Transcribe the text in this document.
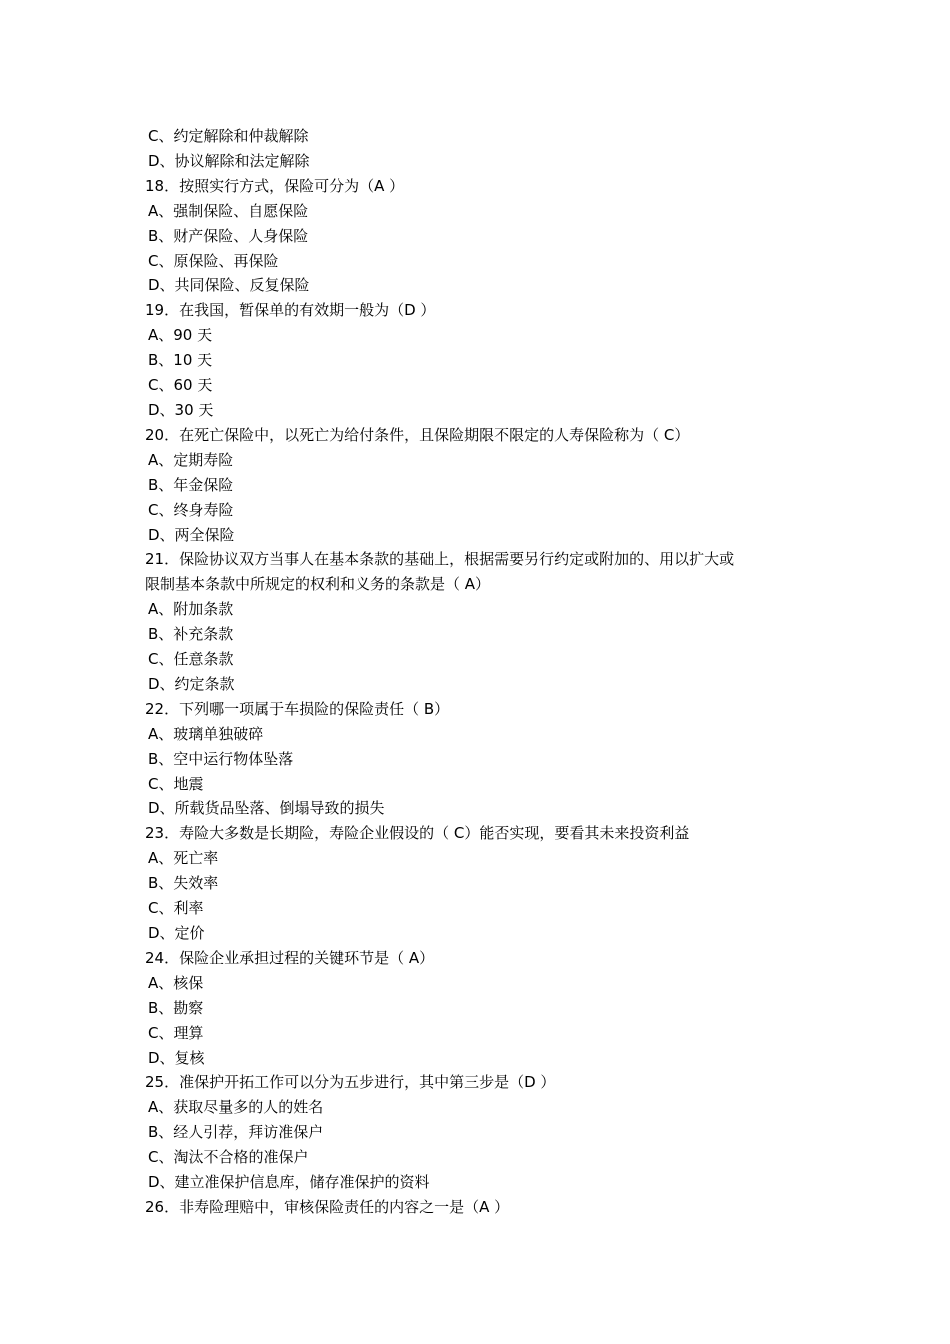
C、约定解除和仲裁解除
D、协议解除和法定解除
18．按照实行方式，保险可分为（A ）
A、强制保险、自愿保险
B、财产保险、人身保险
C、原保险、再保险
D、共同保险、反复保险
19．在我国，暂保单的有效期一般为（D ）
A、90 天
B、10 天
C、60 天
D、30 天
20．在死亡保险中，以死亡为给付条件，且保险期限不限定的人寿保险称为（ C）
A、定期寿险
B、年金保险
C、终身寿险
D、两全保险
21．保险协议双方当事人在基本条款的基础上，根据需要另行约定或附加的、用以扩大或
限制基本条款中所规定的权利和义务的条款是（ A）
A、附加条款
B、补充条款
C、任意条款
D、约定条款
22．下列哪一项属于车损险的保险责任（ B）
A、玻璃单独破碎
B、空中运行物体坠落
C、地震
D、所载货品坠落、倒塌导致的损失
23．寿险大多数是长期险，寿险企业假设的（ C）能否实现，要看其未来投资利益
A、死亡率
B、失效率
C、利率
D、定价
24．保险企业承担过程的关键环节是（ A）
A、核保
B、勘察
C、理算
D、复核
25．准保护开拓工作可以分为五步进行，其中第三步是（D ）
A、获取尽量多的人的姓名
B、经人引荐，拜访准保户
C、淘汰不合格的准保户
D、建立准保护信息库，储存准保护的资料
26．非寿险理赔中，审核保险责任的内容之一是（A ）
